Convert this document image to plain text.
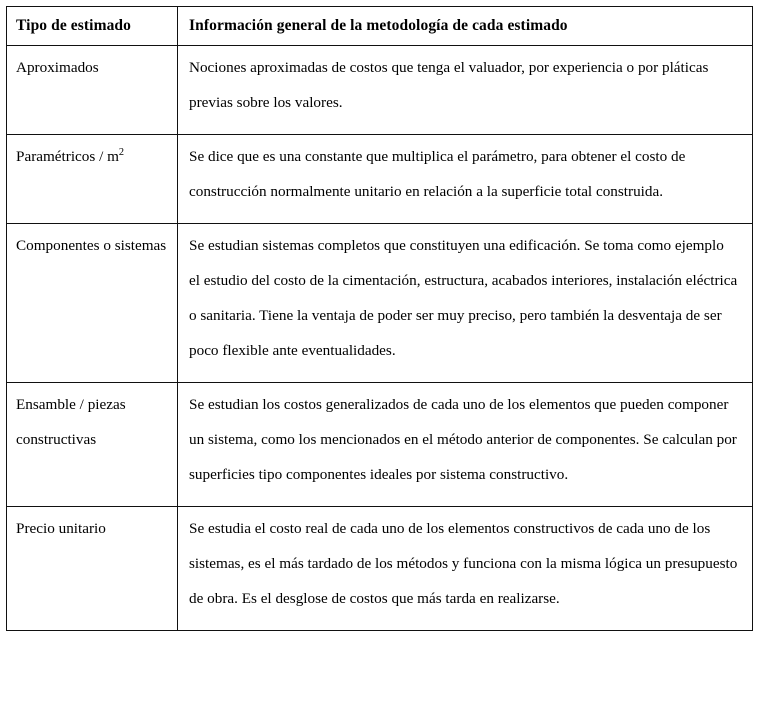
Tipo de estimado	Información general de la metodología de cada estimado

Aproximados	Nociones aproximadas de costos que tenga el valuador, por experiencia o por pláticas previas sobre los valores.

Paramétricos / $m^2$	Se dice que es una constante que multiplica el parámetro, para obtener el costo de construcción normalmente unitario en relación a la superficie total construida.

Componentes o sistemas	Se estudian sistemas completos que constituyen una edificación. Se toma como ejemplo el estudio del costo de la cimentación, estructura, acabados interiores, instalación eléctrica o sanitaria. Tiene la ventaja de poder ser muy preciso, pero también la desventaja de ser poco flexible ante eventualidades.

Ensamble / piezas constructivas	Se estudian los costos generalizados de cada uno de los elementos que pueden componer un sistema, como los mencionados en el método anterior de componentes. Se calculan por superficies tipo componentes ideales por sistema constructivo.

Precio unitario	Se estudia el costo real de cada uno de los elementos constructivos de cada uno de los sistemas, es el más tardado de los métodos y funciona con la misma lógica un presupuesto de obra. Es el desglose de costos que más tarda en realizarse.
